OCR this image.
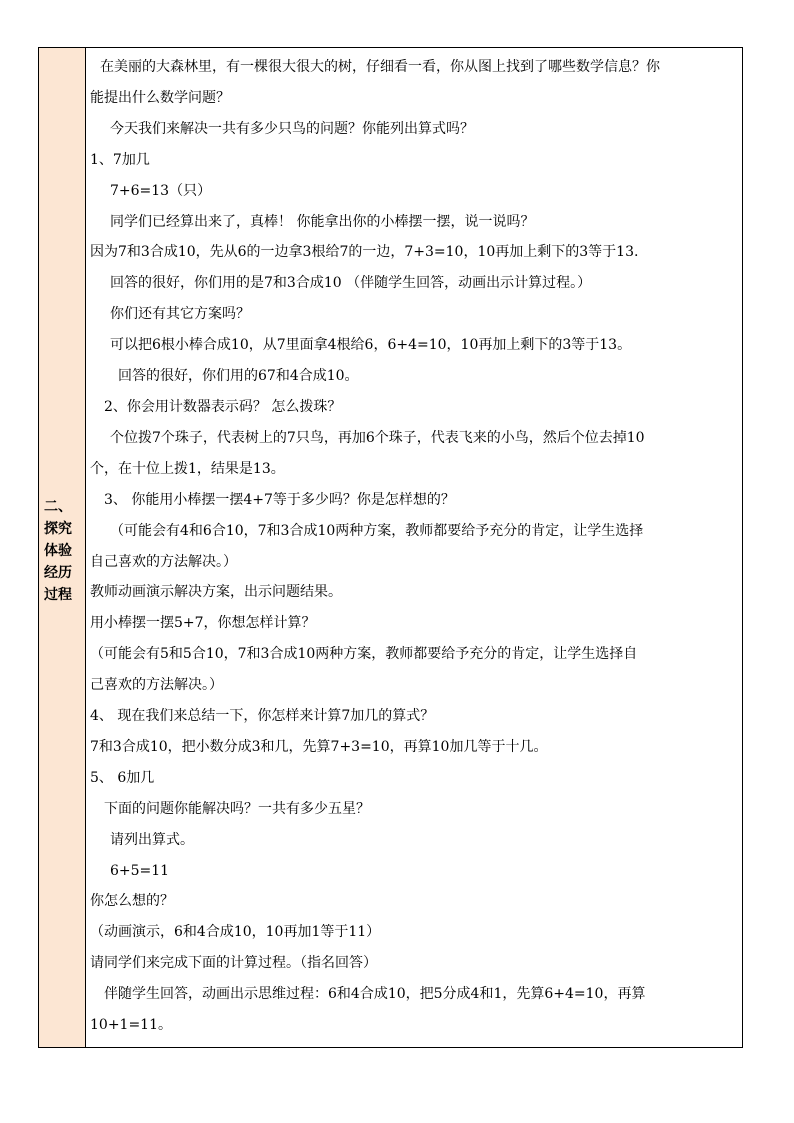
二、
探究
体验
经历
过程
在美丽的大森林里，有一棵很大很大的树，仔细看一看，你从图上找到了哪些数学信息？你
能提出什么数学问题？
今天我们来解决一共有多少只鸟的问题？你能列出算式吗？
1、7加几
7+6=13（只）
同学们已经算出来了，真棒！ 你能拿出你的小棒摆一摆，说一说吗？
因为7和3合成10，先从6的一边拿3根给7的一边，7+3=10，10再加上剩下的3等于13.
回答的很好，你们用的是7和3合成10 （伴随学生回答，动画出示计算过程。）
你们还有其它方案吗？
可以把6根小棒合成10，从7里面拿4根给6，6+4=10，10再加上剩下的3等于13。
回答的很好，你们用的67和4合成10。
2、你会用计数器表示码？ 怎么拨珠？
个位拨7个珠子，代表树上的7只鸟，再加6个珠子，代表飞来的小鸟，然后个位去掉10
个，在十位上拨1，结果是13。
3、 你能用小棒摆一摆4+7等于多少吗？你是怎样想的？
（可能会有4和6合10，7和3合成10两种方案，教师都要给予充分的肯定，让学生选择
自己喜欢的方法解决。）
教师动画演示解决方案，出示问题结果。
用小棒摆一摆5+7，你想怎样计算？
（可能会有5和5合10，7和3合成10两种方案，教师都要给予充分的肯定，让学生选择自
己喜欢的方法解决。）
4、 现在我们来总结一下，你怎样来计算7加几的算式？
7和3合成10，把小数分成3和几，先算7+3=10，再算10加几等于十几。
5、 6加几
下面的问题你能解决吗？一共有多少五星？
请列出算式。
6+5=11
你怎么想的？
（动画演示，6和4合成10，10再加1等于11）
请同学们来完成下面的计算过程。（指名回答）
伴随学生回答，动画出示思维过程：6和4合成10，把5分成4和1，先算6+4=10，再算
10+1=11。
